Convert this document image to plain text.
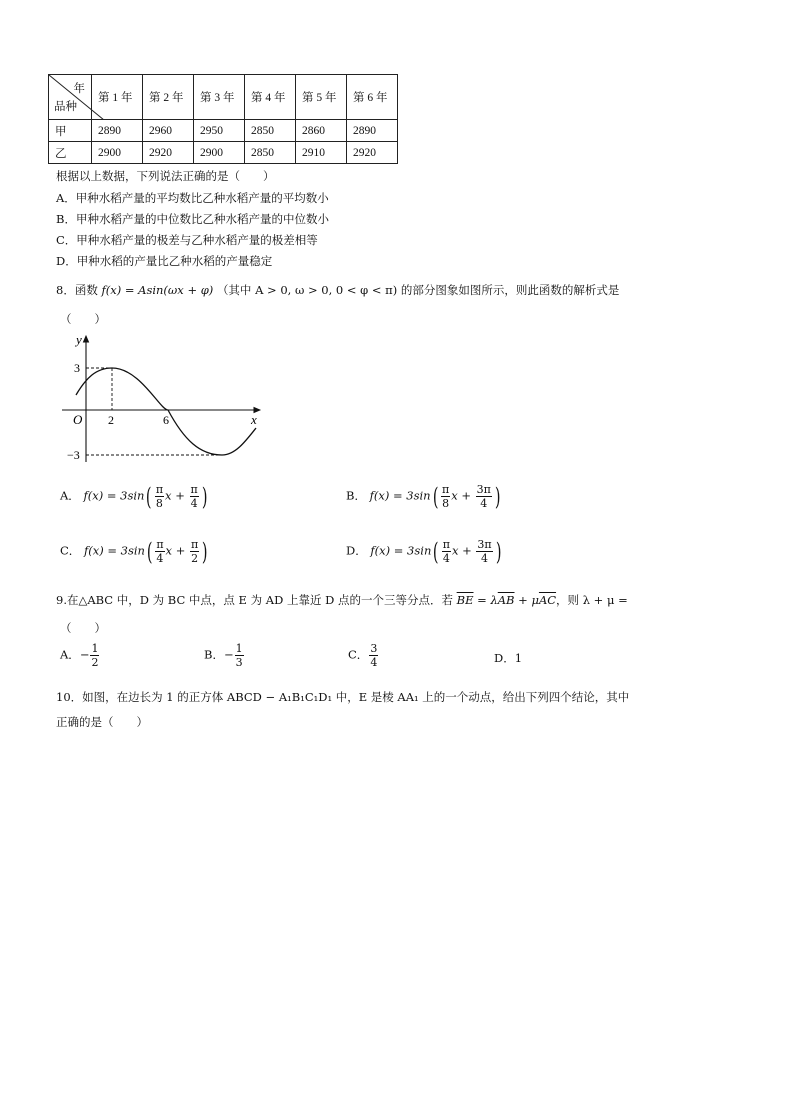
年
品种	第 1 年	第 2 年	第 3 年	第 4 年	第 5 年	第 6 年
甲	2890	2960	2950	2850	2860	2890
乙	2900	2920	2900	2850	2910	2920
根据以上数据，下列说法正确的是（　　）
A．甲种水稻产量的平均数比乙种水稻产量的平均数小
B．甲种水稻产量的中位数比乙种水稻产量的中位数小
C．甲种水稻产量的极差与乙种水稻产量的极差相等
D．甲种水稻的产量比乙种水稻的产量稳定
8．函数 f(x) = Asin(ωx + φ) （其中 A > 0, ω > 0, 0 < φ < π) 的部分图象如图所示，则此函数的解析式是
（　　）
y
x
O 2	6
3
−3
A． $f(x) = 3\sin( \frac{\pi}{8}$ $x + \frac{\pi}{4}$ )	B． $f(x) = 3\sin( \frac{\pi}{8}$ $x + \frac{3\pi}{4}$ )
C． $f(x) = 3\sin( \frac{\pi}{4}$ $x + \frac{\pi}{2}$ )	D． $f(x) = 3\sin( \frac{\pi}{4}$ $x + \frac{3\pi}{4}$ )
9.在△ABC 中，D 为 BC 中点，点 E 为 AD 上靠近 D 点的一个三等分点．若 $\overline{BE} = \lambda\overline{AB} + \mu\overline{AC}$，则 λ + μ =
（　　）
A．− $\frac{1}{2}$	B．− $\frac{1}{3}$	C． $\frac{3}{4}$	D．1
10．如图，在边长为 1 的正方体 ABCD − A₁B₁C₁D₁ 中，E 是棱 AA₁ 上的一个动点，给出下列四个结论，其中
正确的是（　　）
